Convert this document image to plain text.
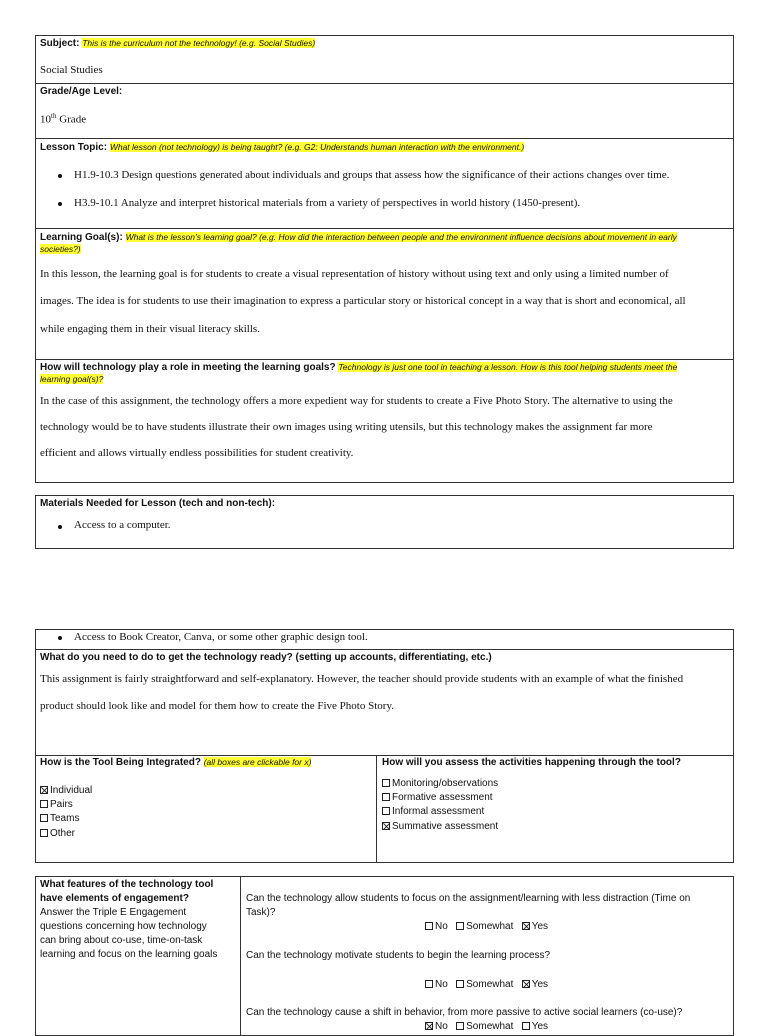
Subject: This is the curriculum not the technology! (e.g. Social Studies)
Social Studies
Grade/Age Level:
10th Grade
Lesson Topic: What lesson (not technology) is being taught? (e.g. G2: Understands human interaction with the environment.)
H1.9-10.3 Design questions generated about individuals and groups that assess how the significance of their actions changes over time.
H3.9-10.1 Analyze and interpret historical materials from a variety of perspectives in world history (1450-present).
Learning Goal(s): What is the lesson’s learning goal? (e.g. How did the interaction between people and the environment influence decisions about movement in early
societies?)
In this lesson, the learning goal is for students to create a visual representation of history without using text and only using a limited number of
images. The idea is for students to use their imagination to express a particular story or historical concept in a way that is short and economical, all
while engaging them in their visual literacy skills.
How will technology play a role in meeting the learning goals? Technology is just one tool in teaching a lesson. How is this tool helping students meet the
learning goal(s)?
In the case of this assignment, the technology offers a more expedient way for students to create a Five Photo Story. The alternative to using the
technology would be to have students illustrate their own images using writing utensils, but this technology makes the assignment far more
efficient and allows virtually endless possibilities for student creativity.
Materials Needed for Lesson (tech and non-tech):
Access to a computer.
Access to Book Creator, Canva, or some other graphic design tool.
What do you need to do to get the technology ready? (setting up accounts, differentiating, etc.)
This assignment is fairly straightforward and self-explanatory. However, the teacher should provide students with an example of what the finished
product should look like and model for them how to create the Five Photo Story.
How is the Tool Being Integrated? (all boxes are clickable for x)
Individual
Pairs
Teams
Other
How will you assess the activities happening through the tool?
Monitoring/observations
Formative assessment
Informal assessment
Summative assessment
What features of the technology tool
have elements of engagement?
Answer the Triple E Engagement
questions concerning how technology
can bring about co-use, time-on-task
learning and focus on the learning goals
Can the technology allow students to focus on the assignment/learning with less distraction (Time on
Task)?
No Somewhat Yes
Can the technology motivate students to begin the learning process?
No Somewhat Yes
Can the technology cause a shift in behavior, from more passive to active social learners (co-use)?
No Somewhat Yes
